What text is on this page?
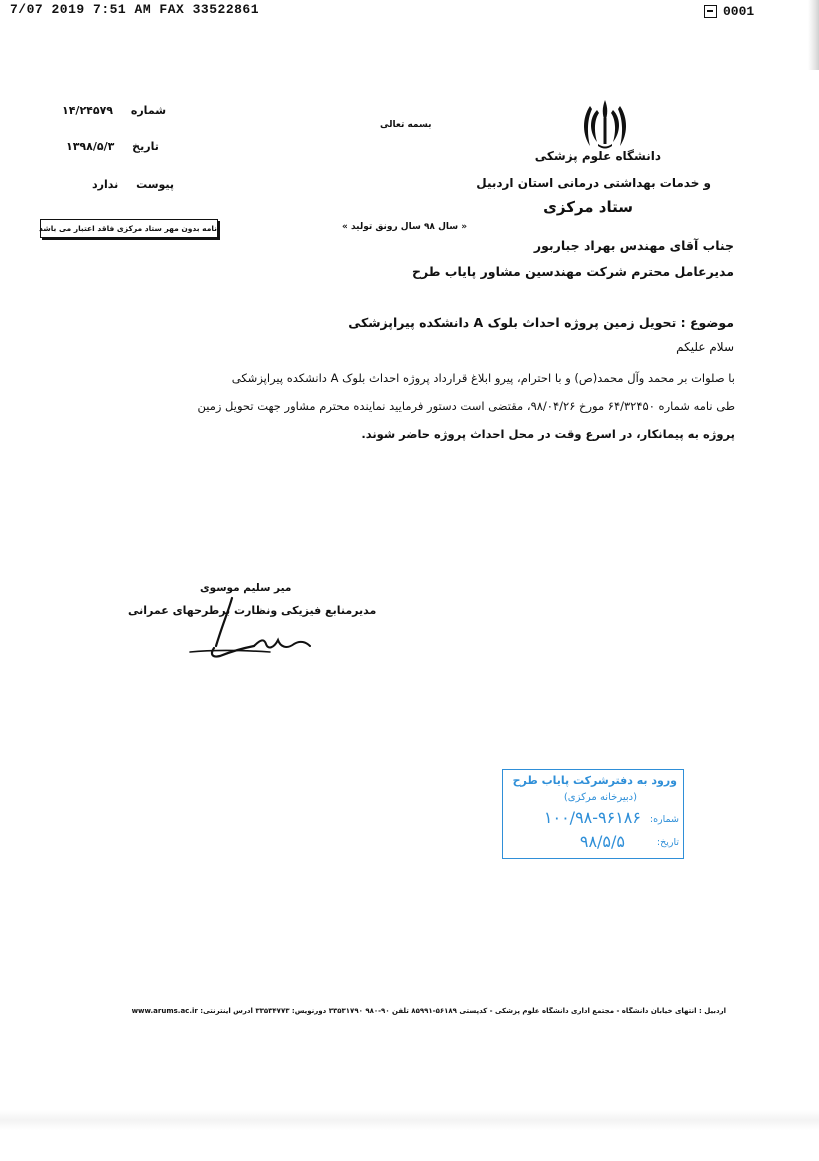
7/07 2019 7:51 AM FAX 33522861	0001
بسمه تعالی
دانشگاه علوم پزشکی
و خدمات بهداشتی درمانی استان اردبیل
ستاد مرکزی
شماره ۱۴/۲۴۵۷۹
تاریخ ۱۳۹۸/۵/۳
پیوست ندارد
نامه بدون مهر ستاد مرکزی فاقد اعتبار می باشد	« سال ۹۸ سال رونق تولید »
جناب آقای مهندس بهراد جباربور
مدیرعامل محترم شرکت مهندسین مشاور پایاب طرح
موضوع : تحویل زمین پروژه احداث بلوک A دانشکده پیراپزشکی
سلام علیکم
با صلوات بر محمد وآل محمد(ص) و با احترام، پیرو ابلاغ قرارداد پروژه احداث بلوک A دانشکده پیراپزشکی
طی نامه شماره ۶۴/۳۲۴۵۰ مورخ ۹۸/۰۴/۲۶، مقتضی است دستور فرمایید نماینده محترم مشاور جهت تحویل زمین
پروژه به پیمانکار، در اسرع وقت در محل احداث پروژه حاضر شوند.
میر سلیم موسوی
مدیرمنابع فیزیکی ونظارت برطرحهای عمرانی
ورود به دفترشرکت پایاب طرح
(دبیرخانه مرکزی)
شماره:
۱۰۰/۹۸-۹۶۱۸۶
تاریخ:
۹۸/۵/۵
اردبیل : انتهای خیابان دانشگاه - مجتمع اداری دانشگاه علوم پزشکی - کدپستی ۵۶۱۸۹-۸۵۹۹۱ تلفن ۹۰-۹۸۰ ۳۳۵۳۱۷۹۰ دورنویس: ۳۳۵۳۴۷۷۳ آدرس اینترنتی: www.arums.ac.ir
